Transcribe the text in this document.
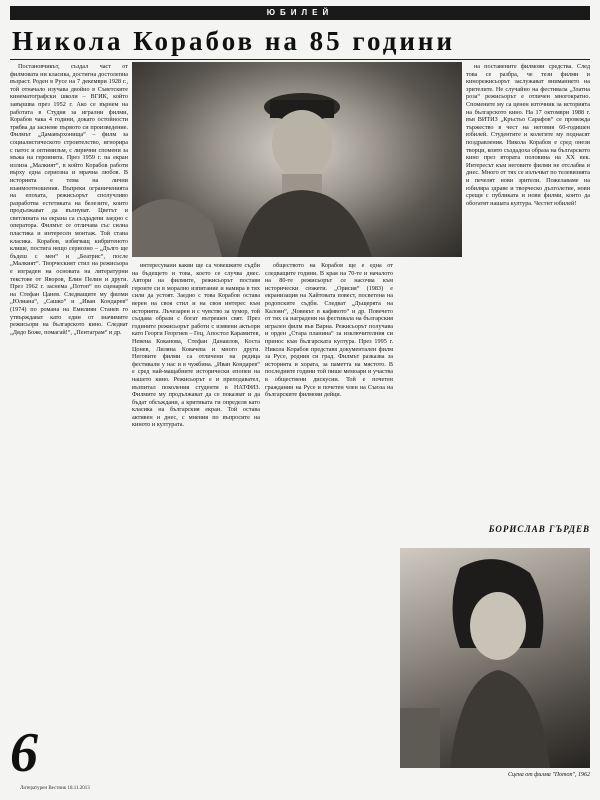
ЮБИЛЕЙ
Никола Корабов на 85 години

Постановчикът, създал част от филмовата ни класика, достигна достолепна възраст. Роден в Русе на 7 декември 1928 г., той отначало изучава двойно в Съветските кинематографски школи – ВГИК, който завършва през 1952 г. Ако се върнем на работата в Студия за игрални филми, Корабов чака 4 години, докато остойности трябва да заснеме първото си произведение. Филмът „Дамавърхонища“ – филм за социалистическото строителство, игнорира с патос и оптимизъм, с лирични спомени за мъжа на героинята. През 1959 г. на екран излиза „Малкият“, в който Корабов работи върху една сериозна и мрачна любов. В историята е тема на лични взаимоотношения. Въпреки ограниченията на епохата, режисьорът сполучливо разработва естетиката на белезите, които продължават да вълнуват. Цветът и светлината на екрана са създадени заедно с оператора. Филмът се отличава със силна пластика и интересен монтаж. Той стана класика. Корабов, избягващ кибритеното клише, постига нещо сериозно – „Дълго ще бъдеш с мен“ и „Беатрис“, после „Малкият“. Творческият стил на режисьора е изграден на основата на литературни текстове от Яворов, Елин Пелин и други. През 1962 г. заснема „Потоп“ по сценарий на Стефан Цанев. Следващите му филми „Юлиана“, „Сашко“ и „Иван Кондарев“ (1974) по романа на Емилиян Станев го утвърждават като един от значимите режисьори на българското кино. Следват „Дядо Боже, помагай!“, „Пентаграм“ и др.

интересувани какви ще са човешките съдби на бъдещето и това, което се случва днес. Автори на филмите, режисьорът поставя героите си в морално изпитание и намира в тях сили да устоят. Заедно с това Корабов остава верен на своя стил и на своя интерес към историята. Лъчезарен и с чувство за хумор, той създава образи с богат вътрешен свят. През годините режисьорът работи с изявени актьори като Георги Георгиев – Гец, Апостол Карамитев, Невена Коканова, Стефан Данаилов, Коста Цонев, Лиляна Ковачева и много други. Неговите филми са отличени на редица фестивали у нас и в чужбина. „Иван Кондарев“ е сред най-мащабните исторически епопеи на нашето кино. Режисьорът е и преподавател, възпитал поколения студенти в НАТФИЗ. Филмите му продължават да се показват и да бъдат обсъждани, а критиката ги определя като класика на българския екран. Той остава активен и днес, с мнения по въпросите на киното и културата.

обществото на Корабов ще е една от следващите години. В края на 70-те и началото на 80-те режисьорът се насочва към исторически сюжети. „Орисия“ (1983) е екранизация на Хайтовата повест, посветена на родопските съдби. Следват „Дъщерята на Калоян“, „Човекът в кафявото“ и др. Повечето от тях са наградени на фестивала на българския игрален филм във Варна. Режисьорът получава и орден „Стара планина“ за изключителния си принос към българската култура. През 1995 г. Никола Корабов представя документален филм за Русе, родния си град. Филмът разказва за историята и хората, за паметта на мястото. В последните години той пише мемоари и участва в обществени дискусии. Той е почетен гражданин на Русе и почетен член на Съюза на българските филмови дейци.

на поставените филмови средства. След това се разбра, че тези филми и кинорежисьорът заслужават вниманието на зрителите. Не случайно на фестивала „Златна роза“ режисьорът е отличен многократно. Спомените му са ценен източник за историята на българското кино. На 17 октомври 1988 г. във ВИТИЗ „Кръстьо Сарафов“ се провежда тържество в чест на неговия 60-годишен юбилей. Студентите и колегите му поднасят поздравления. Никола Корабов е сред онези творци, които създадоха образа на българското кино през втората половина на XX век. Интересът към неговите филми не отслабва и днес. Много от тях се излъчват по телевизията и печелят нови зрители. Пожелаваме на юбиляра здраве и творческо дълголетие, нови срещи с публиката и нови филми, които да обогатят нашата култура. Честит юбилей!

БОРИСЛАВ ГЪРДЕВ
Сцена от филма "Потоп", 1962
6
Литературен Вестник 18.11.2013
